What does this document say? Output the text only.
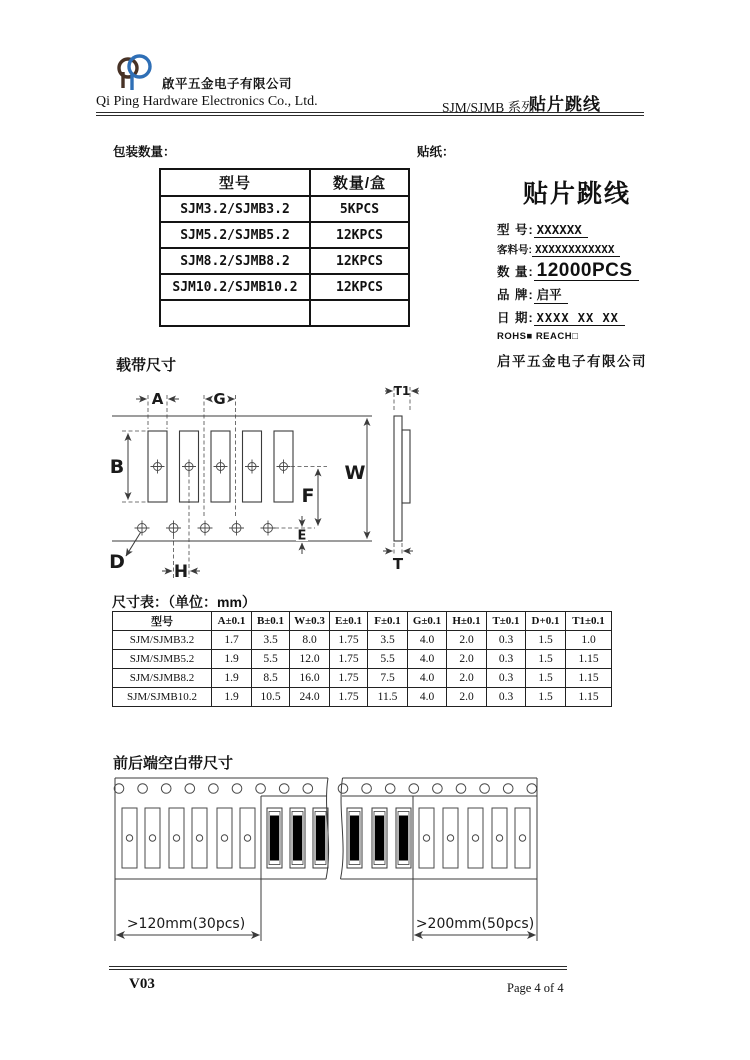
啟平五金电子有限公司
Qi Ping Hardware Electronics Co., Ltd.	SJM/SJMB 系列
贴片跳线
包装数量：
型号	数量/盒
SJM3.2/SJMB3.2	5KPCS
SJM5.2/SJMB5.2	12KPCS
SJM8.2/SJMB8.2	12KPCS
SJM10.2/SJMB10.2	12KPCS

贴纸：
贴片跳线
型 号: XXXXXX
客料号: XXXXXXXXXXXX
数 量: 12000PCS
品 牌: 启平
日 期: XXXX XX XX
ROHS■ REACH□
启平五金电子有限公司
载带尺寸
A	G
B	W
F
E
D	H
T1
T
尺寸表：（单位：mm）
型号	A±0.1	B±0.1	W±0.3	E±0.1	F±0.1	G±0.1	H±0.1	T±0.1	D+0.1	T1±0.1
SJM/SJMB3.2	1.7	3.5	8.0	1.75	3.5	4.0	2.0	0.3	1.5	1.0
SJM/SJMB5.2	1.9	5.5	12.0	1.75	5.5	4.0	2.0	0.3	1.5	1.15
SJM/SJMB8.2	1.9	8.5	16.0	1.75	7.5	4.0	2.0	0.3	1.5	1.15
SJM/SJMB10.2	1.9	10.5	24.0	1.75	11.5	4.0	2.0	0.3	1.5	1.15
前后端空白带尺寸
>120mm(30pcs)	>200mm(50pcs)
V03	Page 4 of 4
